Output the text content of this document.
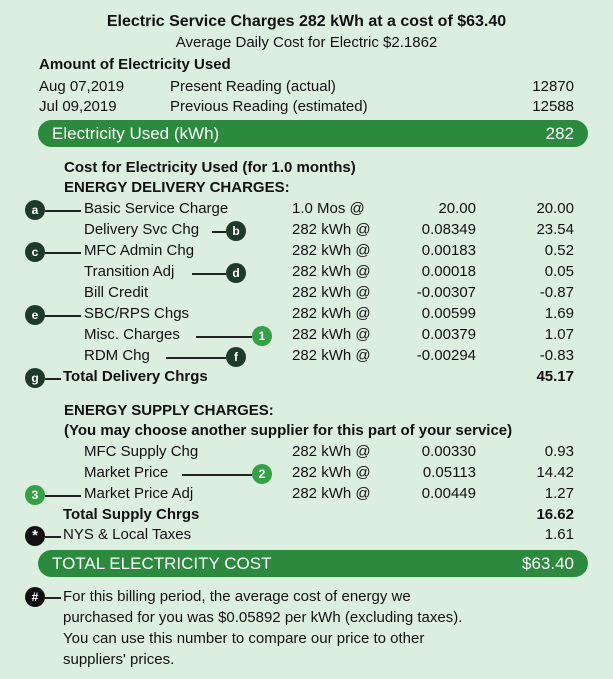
Electric Service Charges 282 kWh at a cost of $63.40
Average Daily Cost for Electric $2.1862
Amount of Electricity Used
Aug 07,2019	Present Reading (actual)	12870
Jul 09,2019	Previous Reading (estimated)	12588
Electricity Used (kWh)	282
Cost for Electricity Used (for 1.0 months)
ENERGY DELIVERY CHARGES:
Basic Service Charge	1.0 Mos @	20.00	20.00
Delivery Svc Chg	282 kWh @	0.08349	23.54
MFC Admin Chg	282 kWh @	0.00183	0.52
Transition Adj	282 kWh @	0.00018	0.05
Bill Credit	282 kWh @	-0.00307	-0.87
SBC/RPS Chgs	282 kWh @	0.00599	1.69
Misc. Charges	282 kWh @	0.00379	1.07
RDM Chg	282 kWh @	-0.00294	-0.83
Total Delivery Chrgs	45.17
a
b
c
d
e
1
f
g
ENERGY SUPPLY CHARGES:
(You may choose another supplier for this part of your service)
MFC Supply Chg	282 kWh @	0.00330	0.93
Market Price	282 kWh @	0.05113	14.42
Market Price Adj	282 kWh @	0.00449	1.27
Total Supply Chrgs	16.62
NYS & Local Taxes	1.61
2
3
*
TOTAL ELECTRICITY COST	$63.40
#	For this billing period, the average cost of energy we
purchased for you was $0.05892 per kWh (excluding taxes).
You can use this number to compare our price to other
suppliers' prices.
